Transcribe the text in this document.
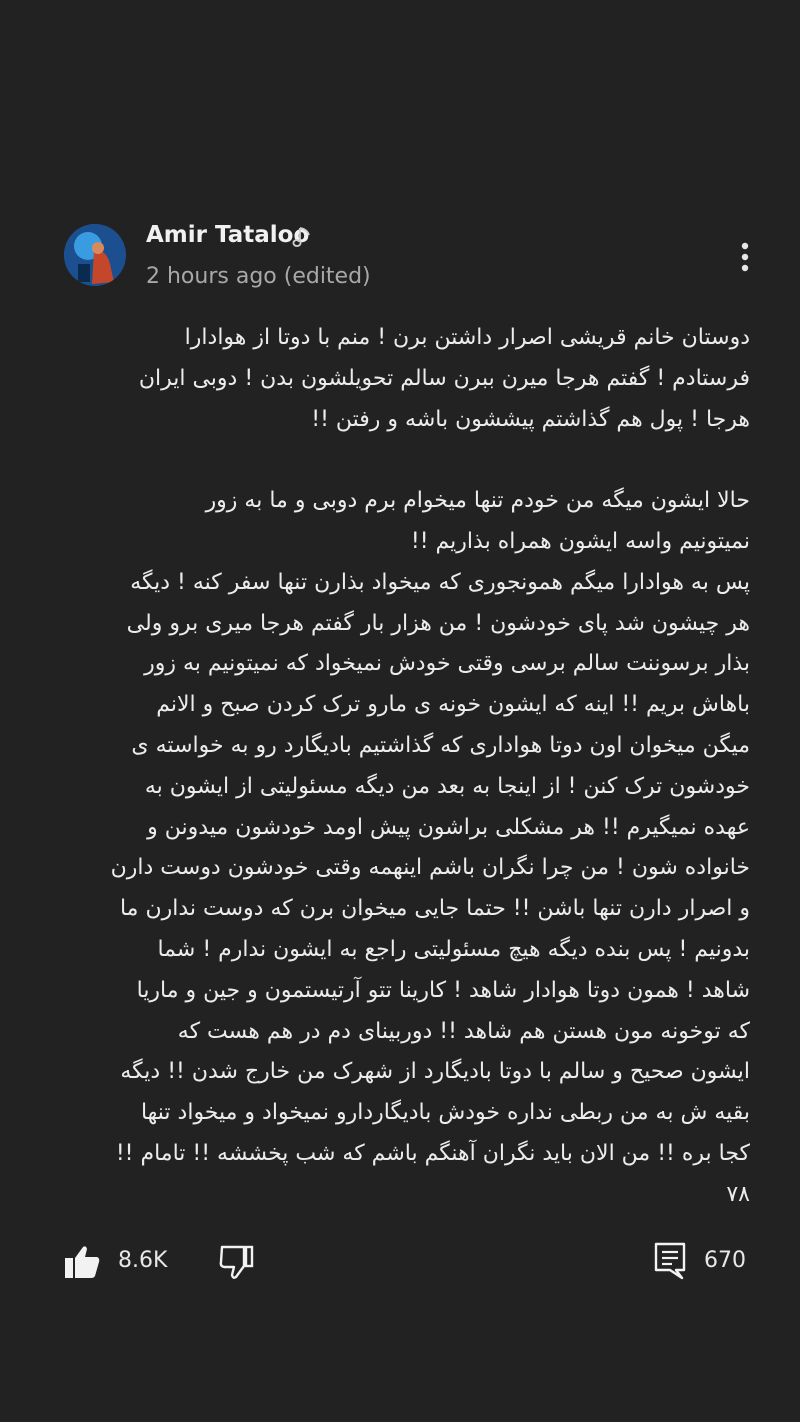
Amir Tataloo
2 hours ago (edited)
دوستان خانم قریشی اصرار داشتن برن ! منم با دوتا از هوادارا
فرستادم ! گفتم هرجا میرن ببرن سالم تحویلشون بدن ! دوبی ایران
هرجا ! پول هم گذاشتم پیششون باشه و رفتن !!

حالا ایشون میگه من خودم تنها میخوام برم دوبی و ما به زور
نمیتونیم واسه ایشون همراه بذاریم !!
پس به هوادارا میگم همونجوری که میخواد بذارن تنها سفر کنه ! دیگه
هر چیشون شد پای خودشون ! من هزار بار گفتم هرجا میری برو ولی
بذار برسوننت سالم برسی وقتی خودش نمیخواد که نمیتونیم به زور
باهاش بریم !! اینه که ایشون خونه ی مارو ترک کردن صبح و الانم
میگن میخوان اون دوتا هواداری که گذاشتیم بادیگارد رو به خواسته ی
خودشون ترک کنن ! از اینجا به بعد من دیگه مسئولیتی از ایشون به
عهده نمیگیرم !! هر مشکلی براشون پیش اومد خودشون میدونن و
خانواده شون ! من چرا نگران باشم اینهمه وقتی خودشون دوست دارن
و اصرار دارن تنها باشن !! حتما جایی میخوان برن که دوست ندارن ما
بدونیم ! پس بنده دیگه هیچ مسئولیتی راجع به ایشون ندارم ! شما
شاهد ! همون دوتا هوادار شاهد ! کارینا تتو آرتیستمون و جین و ماریا
که توخونه مون هستن هم شاهد !! دوربینای دم در هم هست که
ایشون صحیح و سالم با دوتا بادیگارد از شهرک من خارج شدن !! دیگه
بقیه ش به من ربطی نداره خودش بادیگاردارو نمیخواد و میخواد تنها
کجا بره !! من الان باید نگران آهنگم باشم که شب پخششه !! تامام !!
۷۸
8.6K	670
